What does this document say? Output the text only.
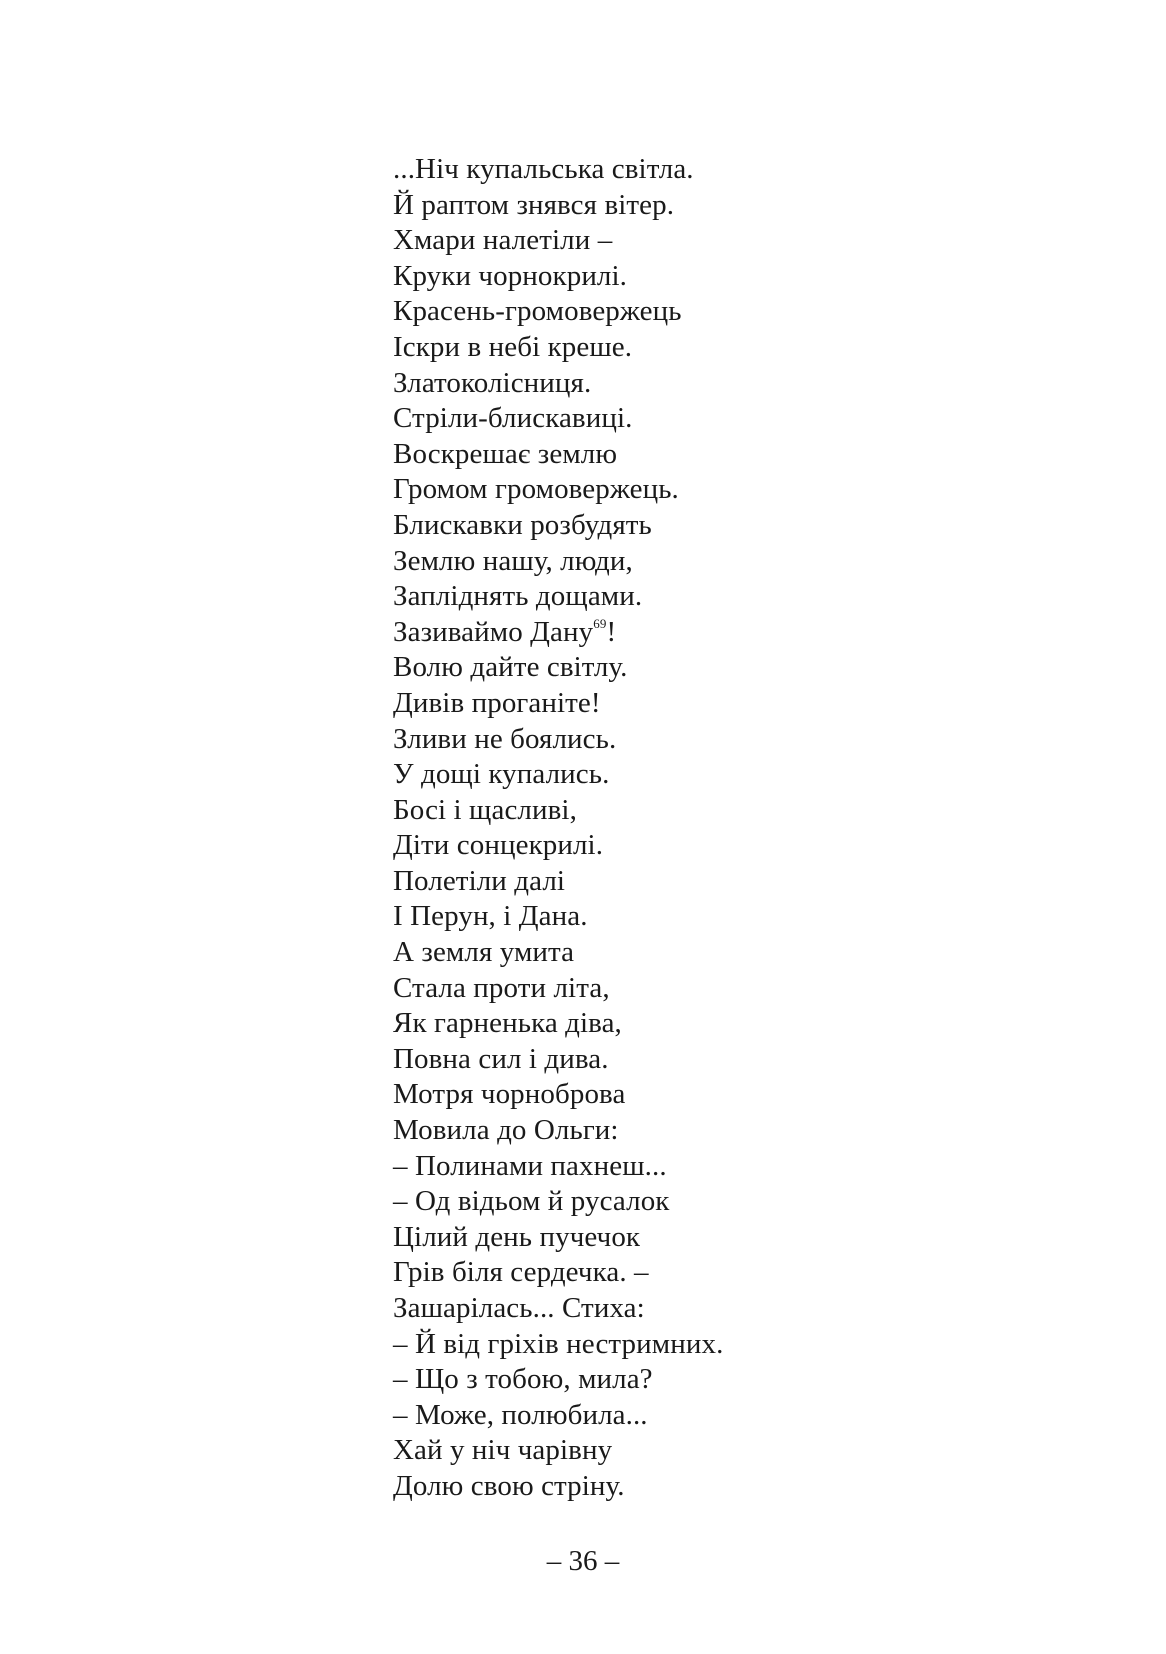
...Ніч купальська світла.
Й раптом знявся вітер.
Хмари налетіли –
Круки чорнокрилі.
Красень-громовержець
Іскри в небі креше.
Златоколісниця.
Стріли-блискавиці.
Воскрешає землю
Громом громовержець.
Блискавки розбудять
Землю нашу, люди,
Запліднять дощами.
Зазиваймо Дану$^{69}$!
Волю дайте світлу.
Дивів проганіте!
Зливи не боялись.
У дощі купались.
Босі і щасливі,
Діти сонцекрилі.
Полетіли далі
І Перун, і Дана.
А земля умита
Стала проти літа,
Як гарненька діва,
Повна сил і дива.
Мотря чорноброва
Мовила до Ольги:
– Полинами пахнеш...
– Од відьом й русалок
Цілий день пучечок
Грів біля сердечка. –
Зашарілась... Стиха:
– Й від гріхів нестримних.
– Що з тобою, мила?
– Може, полюбила...
Хай у ніч чарівну
Долю свою стріну.
– 36 –
